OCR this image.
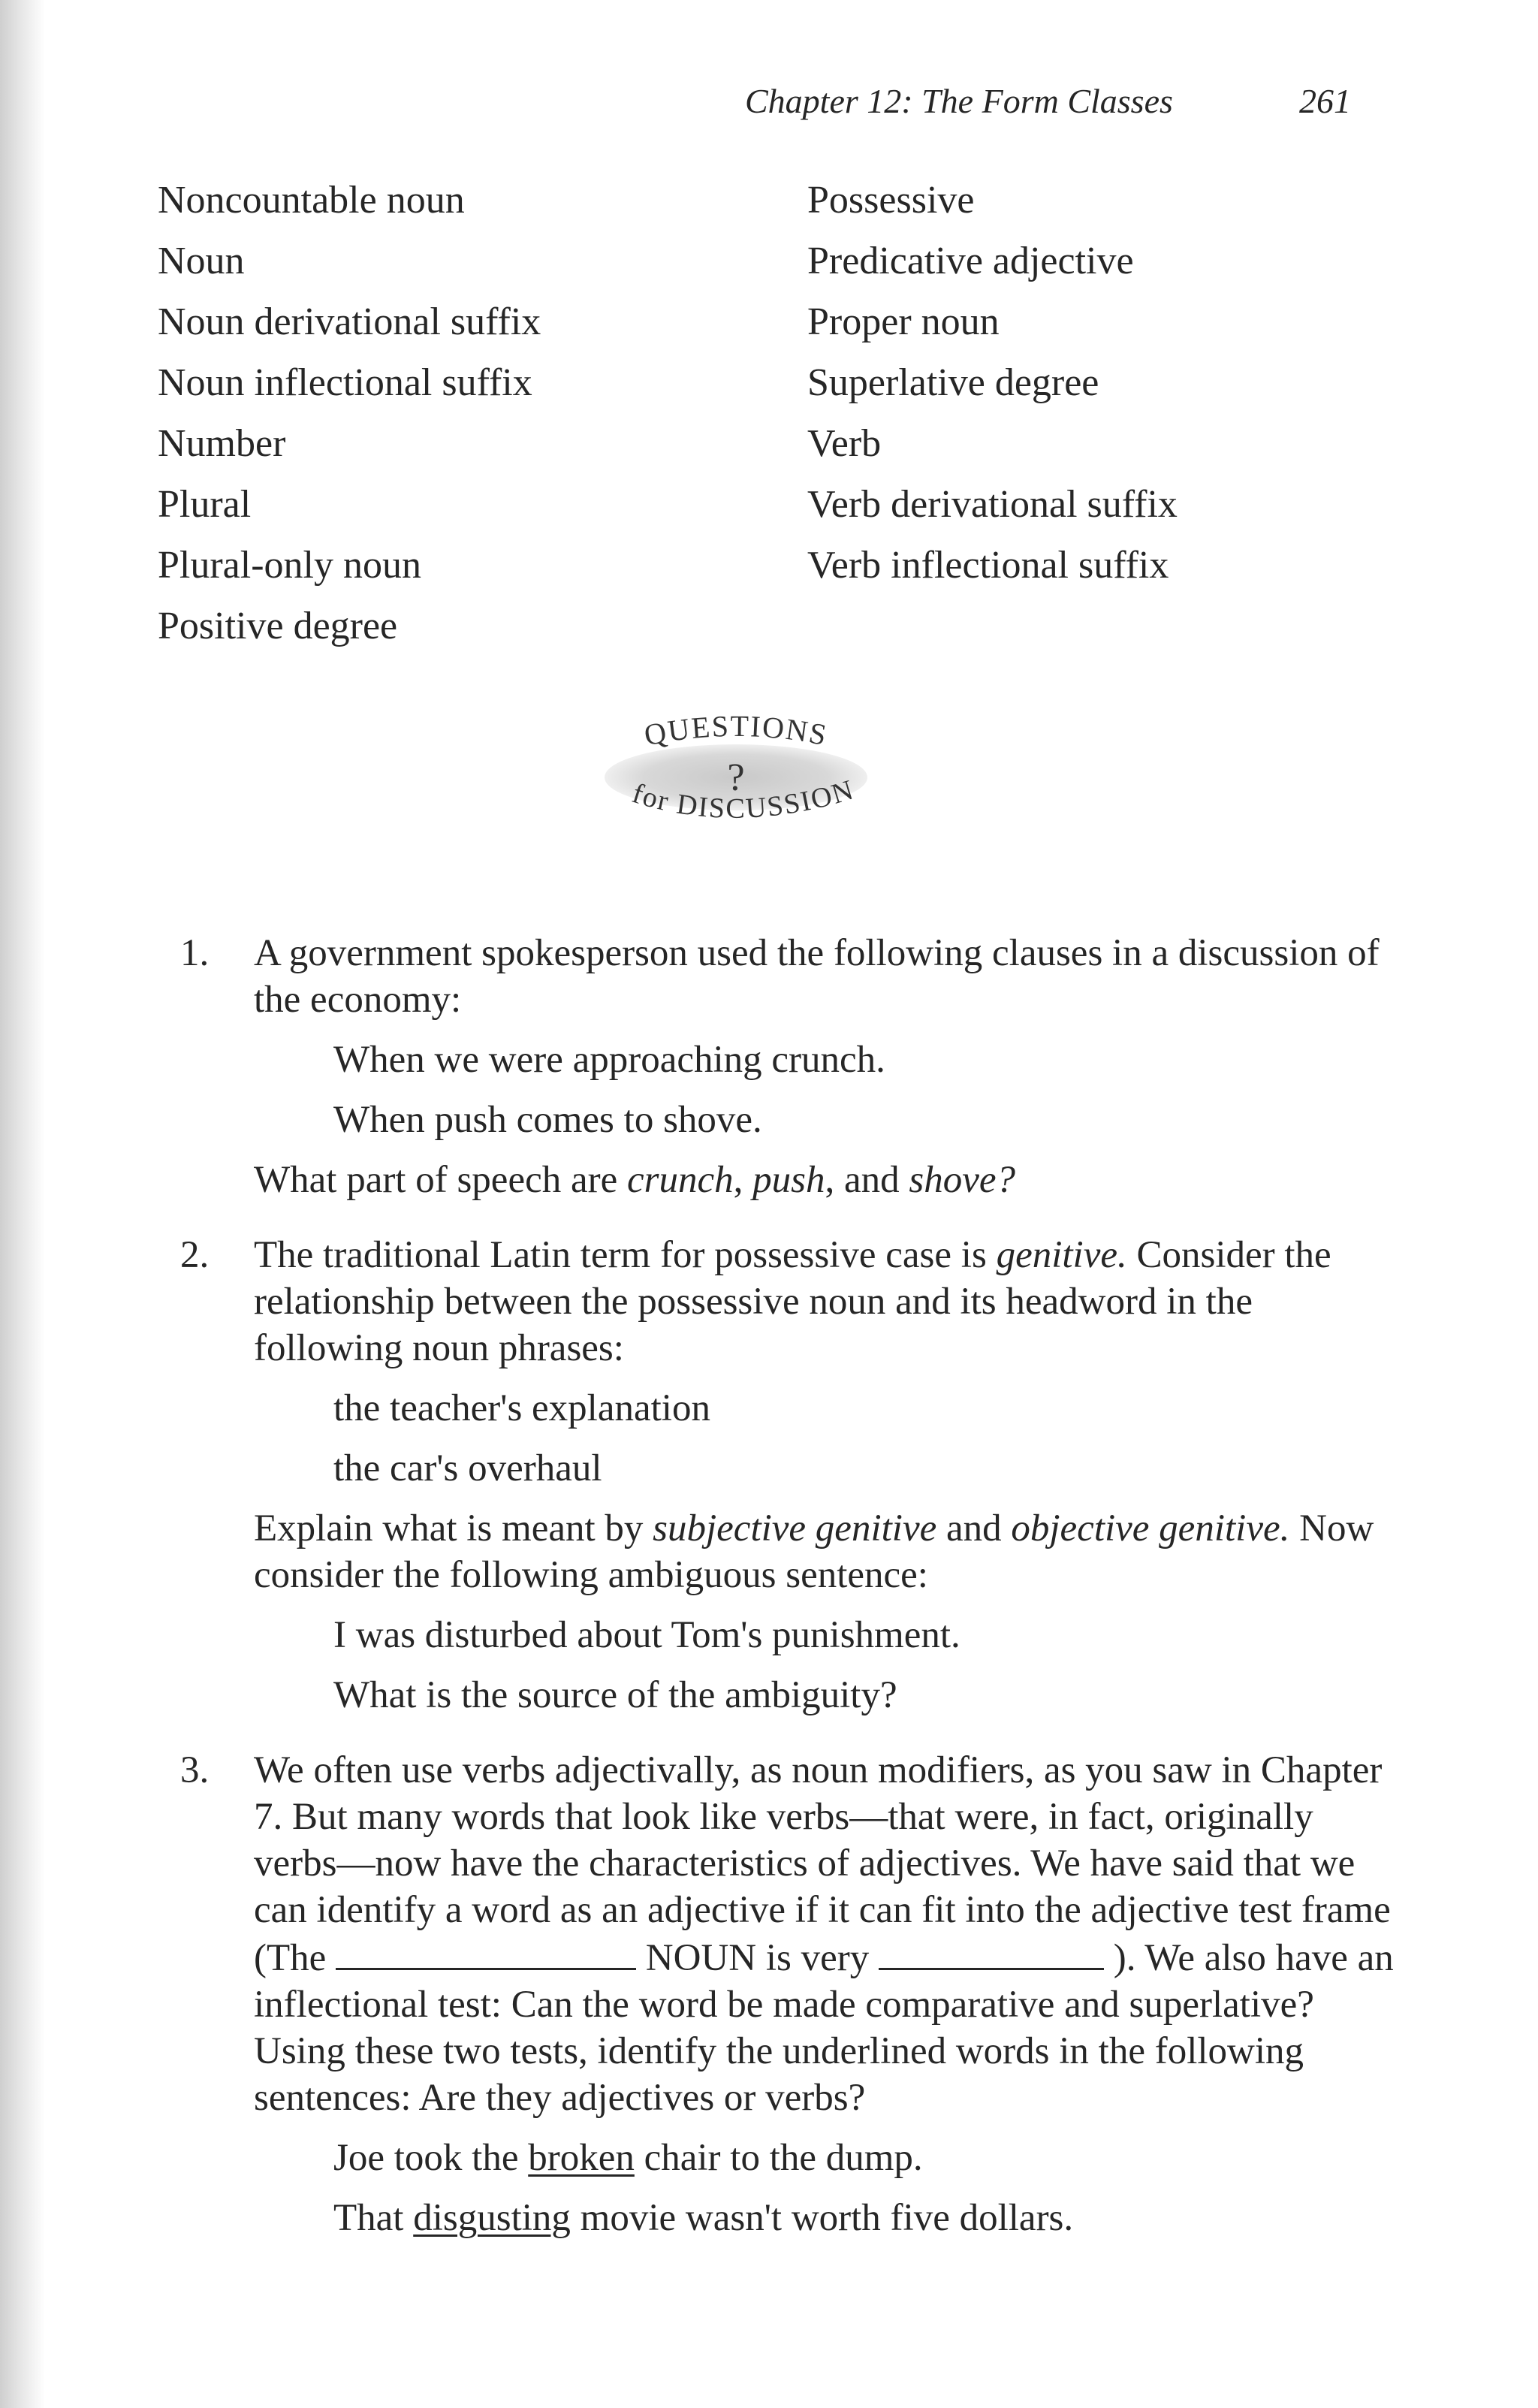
Chapter 12: The Form Classes	261
Noncountable noun
Noun
Noun derivational suffix
Noun inflectional suffix
Number
Plural
Plural-only noun
Positive degree
Possessive
Predicative adjective
Proper noun
Superlative degree
Verb
Verb derivational suffix
Verb inflectional suffix
QUESTIONS
?
for DISCUSSION
1. A government spokesperson used the following clauses in a discussion of the economy:

When we were approaching crunch.
When push comes to shove.

What part of speech are crunch, push, and shove?

2. The traditional Latin term for possessive case is genitive. Consider the relationship between the possessive noun and its headword in the following noun phrases:

the teacher's explanation
the car's overhaul

Explain what is meant by subjective genitive and objective genitive. Now consider the following ambiguous sentence:

I was disturbed about Tom's punishment.
What is the source of the ambiguity?
3. We often use verbs adjectivally, as noun modifiers, as you saw in Chapter 7. But many words that look like verbs—that were, in fact, originally verbs—now have the characteristics of adjectives. We have said that we can identify a word as an adjective if it can fit into the adjective test frame (The	NOUN is very	). We also have an inflectional test: Can the word be made comparative and superlative? Using these two tests, identify the underlined words in the following sentences: Are they adjectives or verbs?

Joe took the broken chair to the dump.
That disgusting movie wasn't worth five dollars.
